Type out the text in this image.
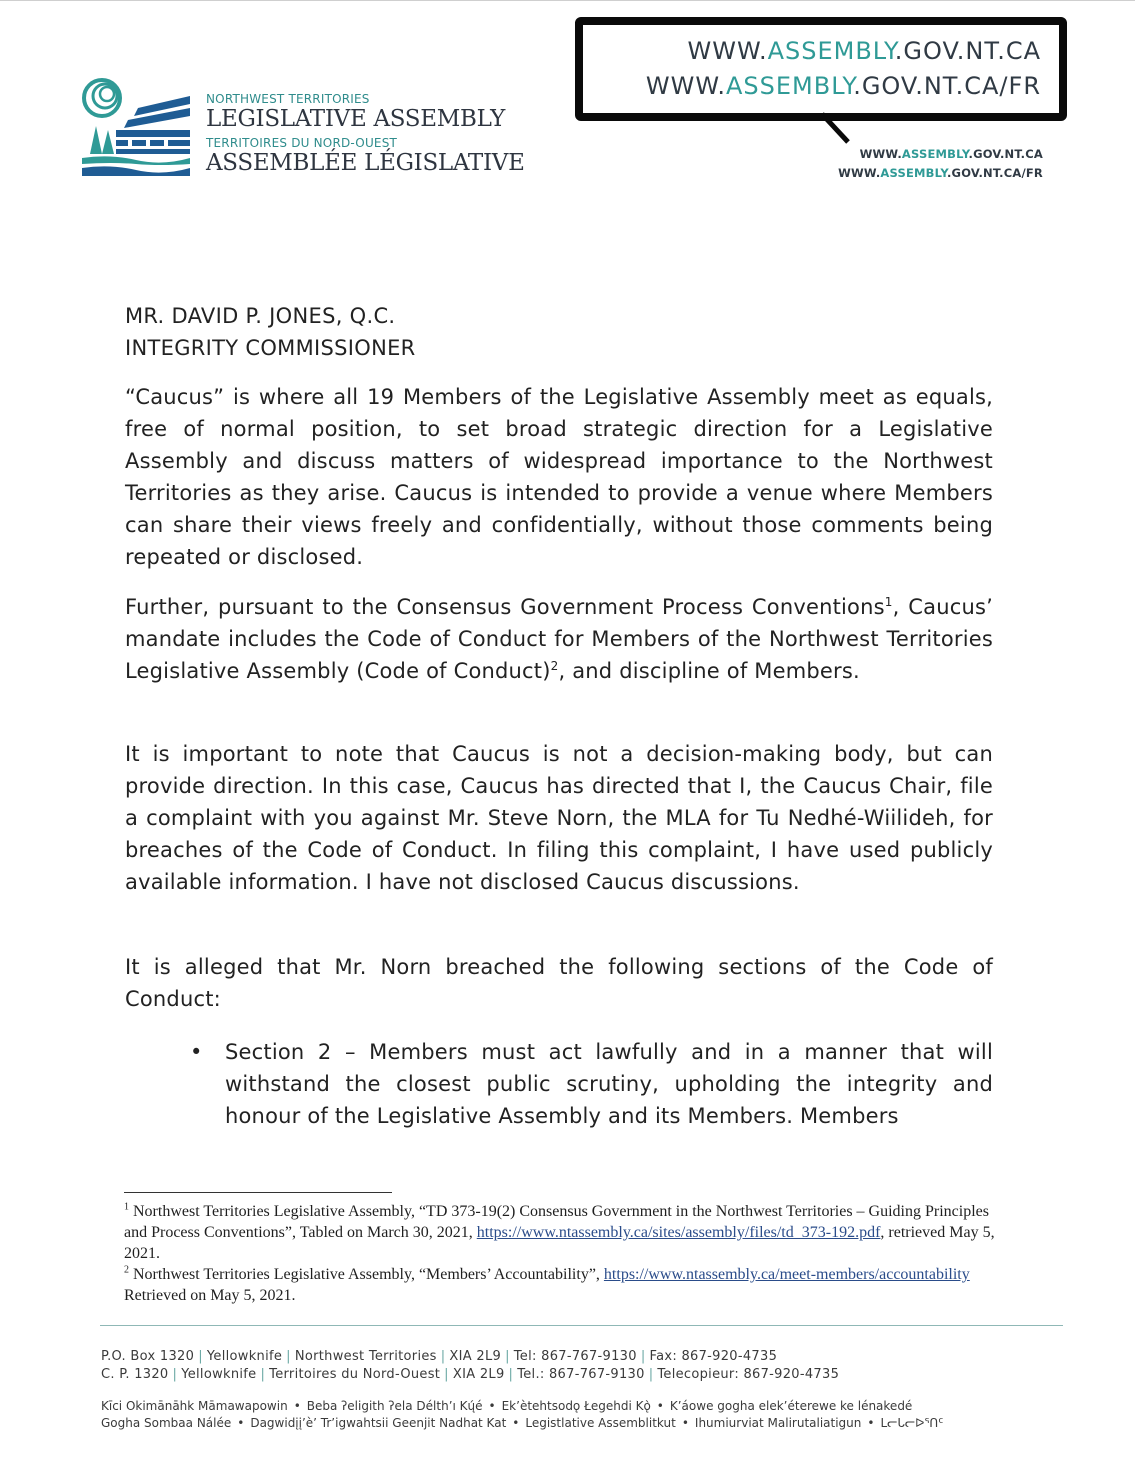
NORTHWEST TERRITORIES
LEGISLATIVE ASSEMBLY
TERRITOIRES DU NORD-OUEST
ASSEMBLÉE LÉGISLATIVE
WWW.ASSEMBLY.GOV.NT.CA
WWW.ASSEMBLY.GOV.NT.CA/FR
WWW.ASSEMBLY.GOV.NT.CA
WWW.ASSEMBLY.GOV.NT.CA/FR
MR. DAVID P. JONES, Q.C.
INTEGRITY COMMISSIONER
“Caucus” is where all 19 Members of the Legislative Assembly meet as equals, free of normal position, to set broad strategic direction for a Legislative Assembly and discuss matters of widespread importance to the Northwest Territories as they arise. Caucus is intended to provide a venue where Members can share their views freely and confidentially, without those comments being repeated or disclosed.
Further, pursuant to the Consensus Government Process Conventions$^1$, Caucus’ mandate includes the Code of Conduct for Members of the Northwest Territories Legislative Assembly (Code of Conduct)$^2$, and discipline of Members.
It is important to note that Caucus is not a decision-making body, but can provide direction. In this case, Caucus has directed that I, the Caucus Chair, file a complaint with you against Mr. Steve Norn, the MLA for Tu Nedhé-Wiilideh, for breaches of the Code of Conduct. In filing this complaint, I have used publicly available information. I have not disclosed Caucus discussions.
It is alleged that Mr. Norn breached the following sections of the Code of Conduct:
• Section 2 – Members must act lawfully and in a manner that will withstand the closest public scrutiny, upholding the integrity and honour of the Legislative Assembly and its Members. Members
$^1$ Northwest Territories Legislative Assembly, “TD 373-19(2) Consensus Government in the Northwest Territories – Guiding Principles and Process Conventions”, Tabled on March 30, 2021, https://www.ntassembly.ca/sites/assembly/files/td_373-192.pdf, retrieved May 5, 2021.
$^2$ Northwest Territories Legislative Assembly, “Members’ Accountability”, https://www.ntassembly.ca/meet-members/accountability Retrieved on May 5, 2021.
P.O. Box 1320 | Yellowknife | Northwest Territories | XIA 2L9 | Tel: 867-767-9130 | Fax: 867-920-4735
C. P. 1320 | Yellowknife | Territoires du Nord-Ouest | XIA 2L9 | Tel.: 867-767-9130 | Telecopieur: 867-920-4735
Kīci Okimānāhk Māmawapowin • Beba ʔeligith ʔela Délth’ı Kų́é • Ek’ètehtsodǫ Łegehdi Kǫ̀ • K’áowe gogha elek’éterewe ke lénakedé
Gogha Sombaa Nálée • Dagwidįį’è’ Tr’igwahtsii Geenjit Nadhat Kat • Legistlative Assemblitkut • Ihumiurviat Malirutaliatigun • ᒪᓕᒐᓕᐅᕐᑎᑦ
